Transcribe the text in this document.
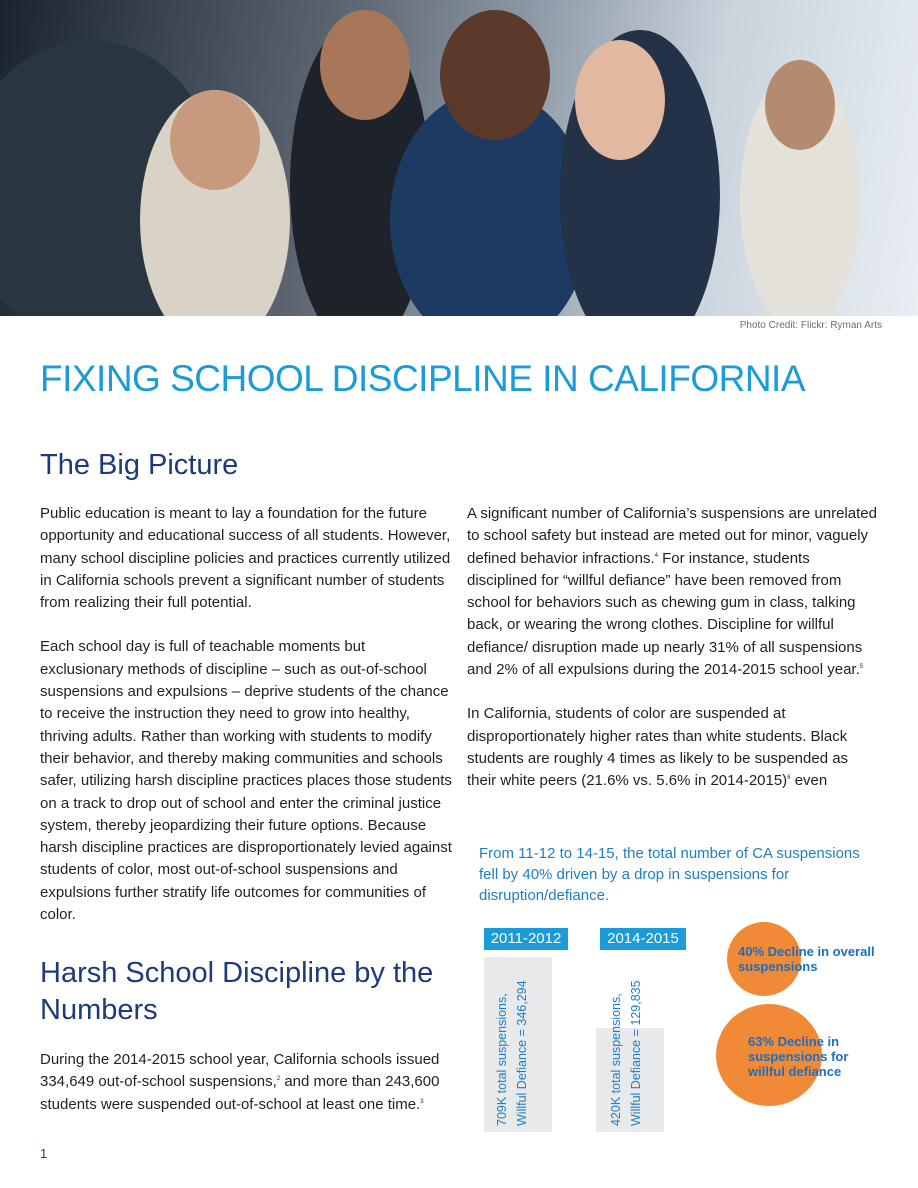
Photo Credit: Flickr: Ryman Arts
FIXING SCHOOL DISCIPLINE IN CALIFORNIA
The Big Picture

Public education is meant to lay a foundation for the future opportunity and educational success of all students. However, many school discipline policies and practices currently utilized in California schools prevent a significant number of students from realizing their full potential.

Each school day is full of teachable moments but exclusionary methods of discipline – such as out-of-school suspensions and expulsions – deprive students of the chance to receive the instruction they need to grow into healthy, thriving adults. Rather than working with students to modify their behavior, and thereby making communities and schools safer, utilizing harsh discipline practices places those students on a track to drop out of school and enter the criminal justice system, thereby jeopardizing their future options. Because harsh discipline practices are disproportionately levied against students of color, most out-of-school suspensions and expulsions further stratify life outcomes for communities of color.

A significant number of California’s suspensions are unrelated to school safety but instead are meted out for minor, vaguely defined behavior infractions.$^4$ For instance, students disciplined for “willful defiance” have been removed from school for behaviors such as chewing gum in class, talking back, or wearing the wrong clothes. Discipline for willful defiance/ disruption made up nearly 31% of all suspensions and 2% of all expulsions during the 2014-2015 school year.$^5$

In California, students of color are suspended at disproportionately higher rates than white students. Black students are roughly 4 times as likely to be suspended as their white peers (21.6% vs. 5.6% in 2014-2015)$^6$ even

Harsh School Discipline by the Numbers

During the 2014-2015 school year, California schools issued 334,649 out-of-school suspensions,$^2$ and more than 243,600 students were suspended out-of-school at least one time.$^3$

From 11-12 to 14-15, the total number of CA suspensions fell by 40% driven by a drop in suspensions for disruption/defiance.
2011-2012	2014-2015
709K total suspensions, Willful Defiance = 346,294	420K total suspensions, Willful Defiance = 129,835
40% Decline in overall suspensions
63% Decline in suspensions for willful defiance
1
